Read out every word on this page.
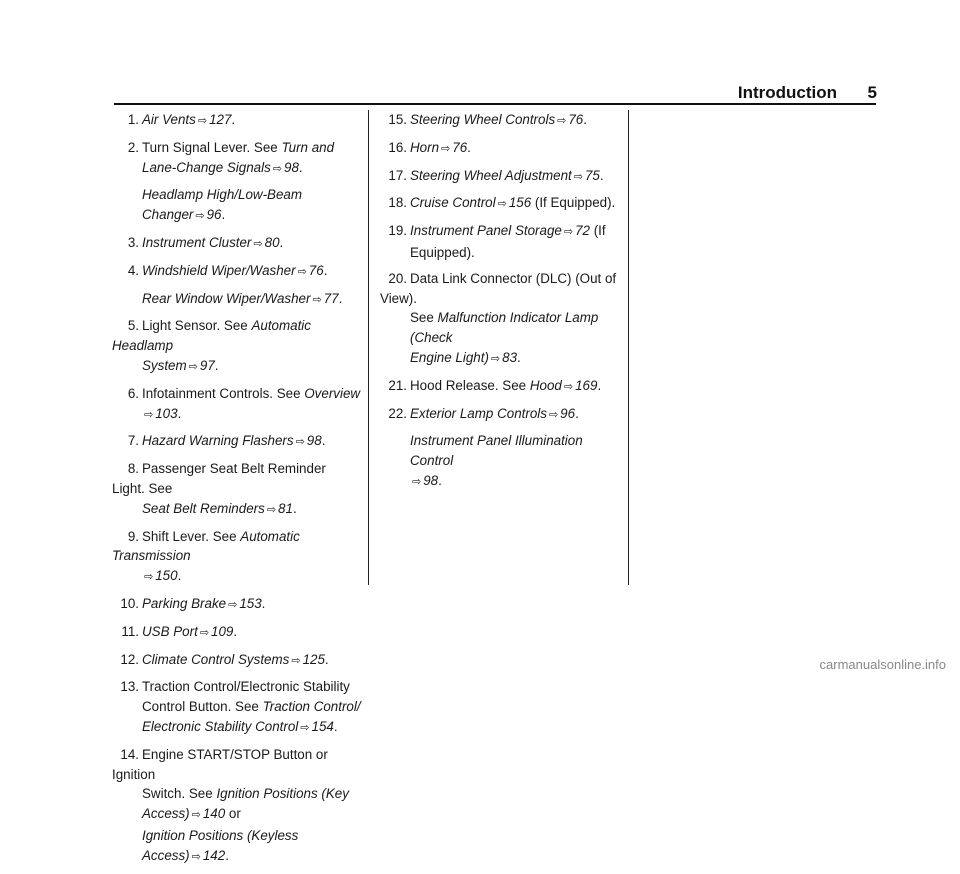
Introduction 5
1. Air Vents ⇨ 127.
2. Turn Signal Lever. See Turn and
Lane-Change Signals ⇨ 98.
Headlamp High/Low-Beam Changer ⇨ 96.
3. Instrument Cluster ⇨ 80.
4. Windshield Wiper/Washer ⇨ 76.
Rear Window Wiper/Washer ⇨ 77.
5. Light Sensor. See Automatic Headlamp
System ⇨ 97.
6. Infotainment Controls. See Overview
⇨ 103.
7. Hazard Warning Flashers ⇨ 98.
8. Passenger Seat Belt Reminder Light. See
Seat Belt Reminders ⇨ 81.
9. Shift Lever. See Automatic Transmission
⇨ 150.
10. Parking Brake ⇨ 153.
11. USB Port ⇨ 109.
12. Climate Control Systems ⇨ 125.
13. Traction Control/Electronic Stability
Control Button. See Traction Control/
Electronic Stability Control ⇨ 154.
14. Engine START/STOP Button or Ignition
Switch. See Ignition Positions (Key
Access) ⇨ 140 or
Ignition Positions (Keyless Access) ⇨ 142.
15. Steering Wheel Controls ⇨ 76.
16. Horn ⇨ 76.
17. Steering Wheel Adjustment ⇨ 75.
18. Cruise Control ⇨ 156 (If Equipped).
19. Instrument Panel Storage ⇨ 72 (If
Equipped).
20. Data Link Connector (DLC) (Out of View).
See Malfunction Indicator Lamp (Check
Engine Light) ⇨ 83.
21. Hood Release. See Hood ⇨ 169.
22. Exterior Lamp Controls ⇨ 96.
Instrument Panel Illumination Control
⇨ 98.
carmanualsonline.info
